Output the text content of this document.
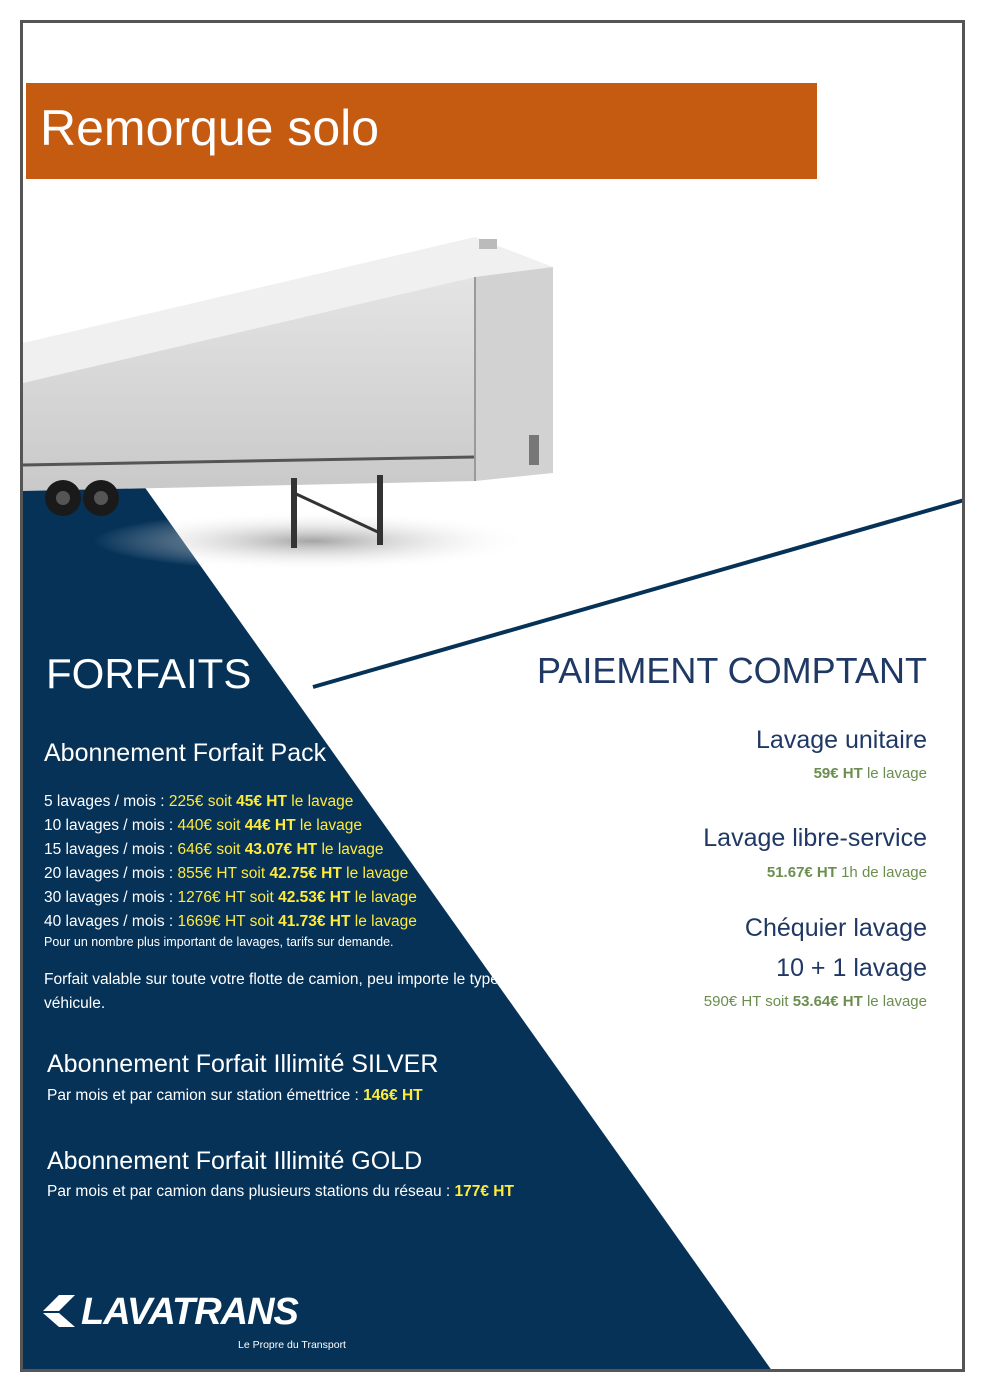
Remorque solo
FORFAITS
Abonnement Forfait Pack
5 lavages / mois : 225€ soit 45€ HT le lavage
10 lavages / mois : 440€ soit 44€ HT le lavage
15 lavages / mois : 646€ soit 43.07€ HT le lavage
20 lavages / mois : 855€ HT soit 42.75€ HT le lavage
30 lavages / mois : 1276€ HT soit 42.53€ HT le lavage
40 lavages / mois : 1669€ HT soit 41.73€ HT le lavage
Pour un nombre plus important de lavages, tarifs sur demande.
Forfait valable sur toute votre flotte de camion, peu importe le type de véhicule.
Abonnement Forfait Illimité SILVER
Par mois et par camion sur station émettrice : 146€ HT
Abonnement Forfait Illimité GOLD
Par mois et par camion dans plusieurs stations du réseau : 177€ HT
PAIEMENT COMPTANT
Lavage unitaire
59€ HT le lavage
Lavage libre-service
51.67€ HT 1h de lavage
Chéquier lavage
10 + 1 lavage
590€ HT soit 53.64€ HT le lavage
LAVATRANS
Le Propre du Transport
